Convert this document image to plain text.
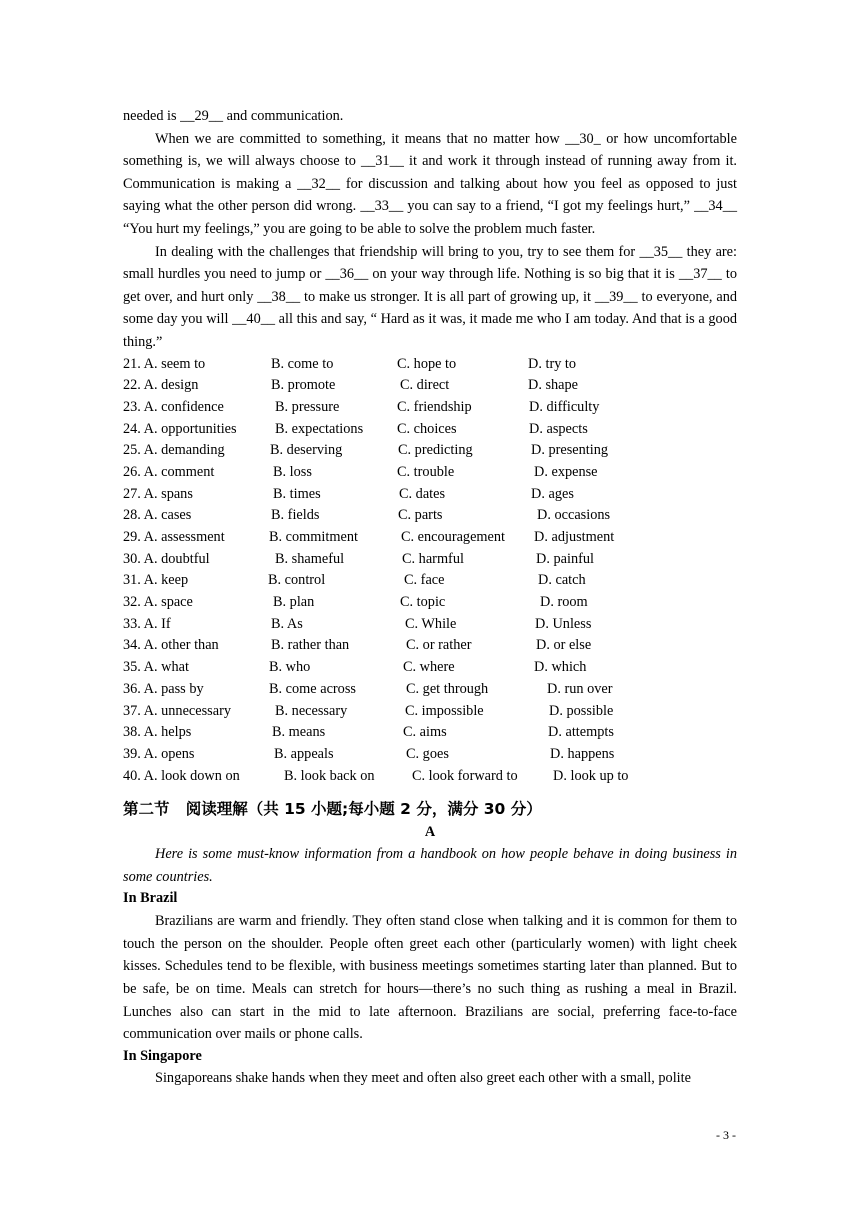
needed is __29__ and communication.

When we are committed to something, it means that no matter how __30_ or how uncomfortable something is, we will always choose to __31__ it and work it through instead of running away from it. Communication is making a __32__ for discussion and talking about how you feel as opposed to just saying what the other person did wrong. __33__ you can say to a friend, “I got my feelings hurt,” __34__ “You hurt my feelings,” you are going to be able to solve the problem much faster.

In dealing with the challenges that friendship will bring to you, try to see them for __35__ they are: small hurdles you need to jump or __36__ on your way through life. Nothing is so big that it is __37__ to get over, and hurt only __38__ to make us stronger. It is all part of growing up, it __39__ to everyone, and some day you will __40__ all this and say, “ Hard as it was, it made me who I am today. And that is a good thing.”

21. A. seem to	B. come to	C. hope to	D. try to
22. A. design	B. promote	C. direct	D. shape
23. A. confidence	B. pressure	C. friendship	D. difficulty
24. A. opportunities	B. expectations C. choices	D. aspects
25. A. demanding	B. deserving	C. predicting	D. presenting
26. A. comment	B. loss	C. trouble	D. expense
27. A. spans	B. times	C. dates	D. ages
28. A. cases	B. fields	C. parts	D. occasions
29. A. assessment	B. commitment	C. encouragement D. adjustment
30. A. doubtful	B. shameful	C. harmful	D. painful
31. A. keep	B. control	C. face	D. catch
32. A. space	B. plan	C. topic	D. room
33. A. If	B. As	C. While	D. Unless
34. A. other than	B. rather than	C. or rather	D. or else
35. A. what	B. who	C. where	D. which
36. A. pass by	B. come across	C. get through	D. run over
37. A. unnecessary	B. necessary	C. impossible	D. possible
38. A. helps	B. means	C. aims	D. attempts
39. A. opens	B. appeals	C. goes	D. happens
40. A. look down on	B. look back on	C. look forward to D. look up to
第二节   阅读理解（共 15 小题;每小题 2 分，满分 30 分）
A

Here is some must-know information from a handbook on how people behave in doing business in some countries.

In Brazil

Brazilians are warm and friendly. They often stand close when talking and it is common for them to touch the person on the shoulder. People often greet each other (particularly women) with light cheek kisses. Schedules tend to be flexible, with business meetings sometimes starting later than planned. But to be safe, be on time. Meals can stretch for hours—there’s no such thing as rushing a meal in Brazil. Lunches also can start in the mid to late afternoon. Brazilians are social, preferring face-to-face communication over mails or phone calls.

In Singapore

Singaporeans shake hands when they meet and often also greet each other with a small, polite

- 3 -
